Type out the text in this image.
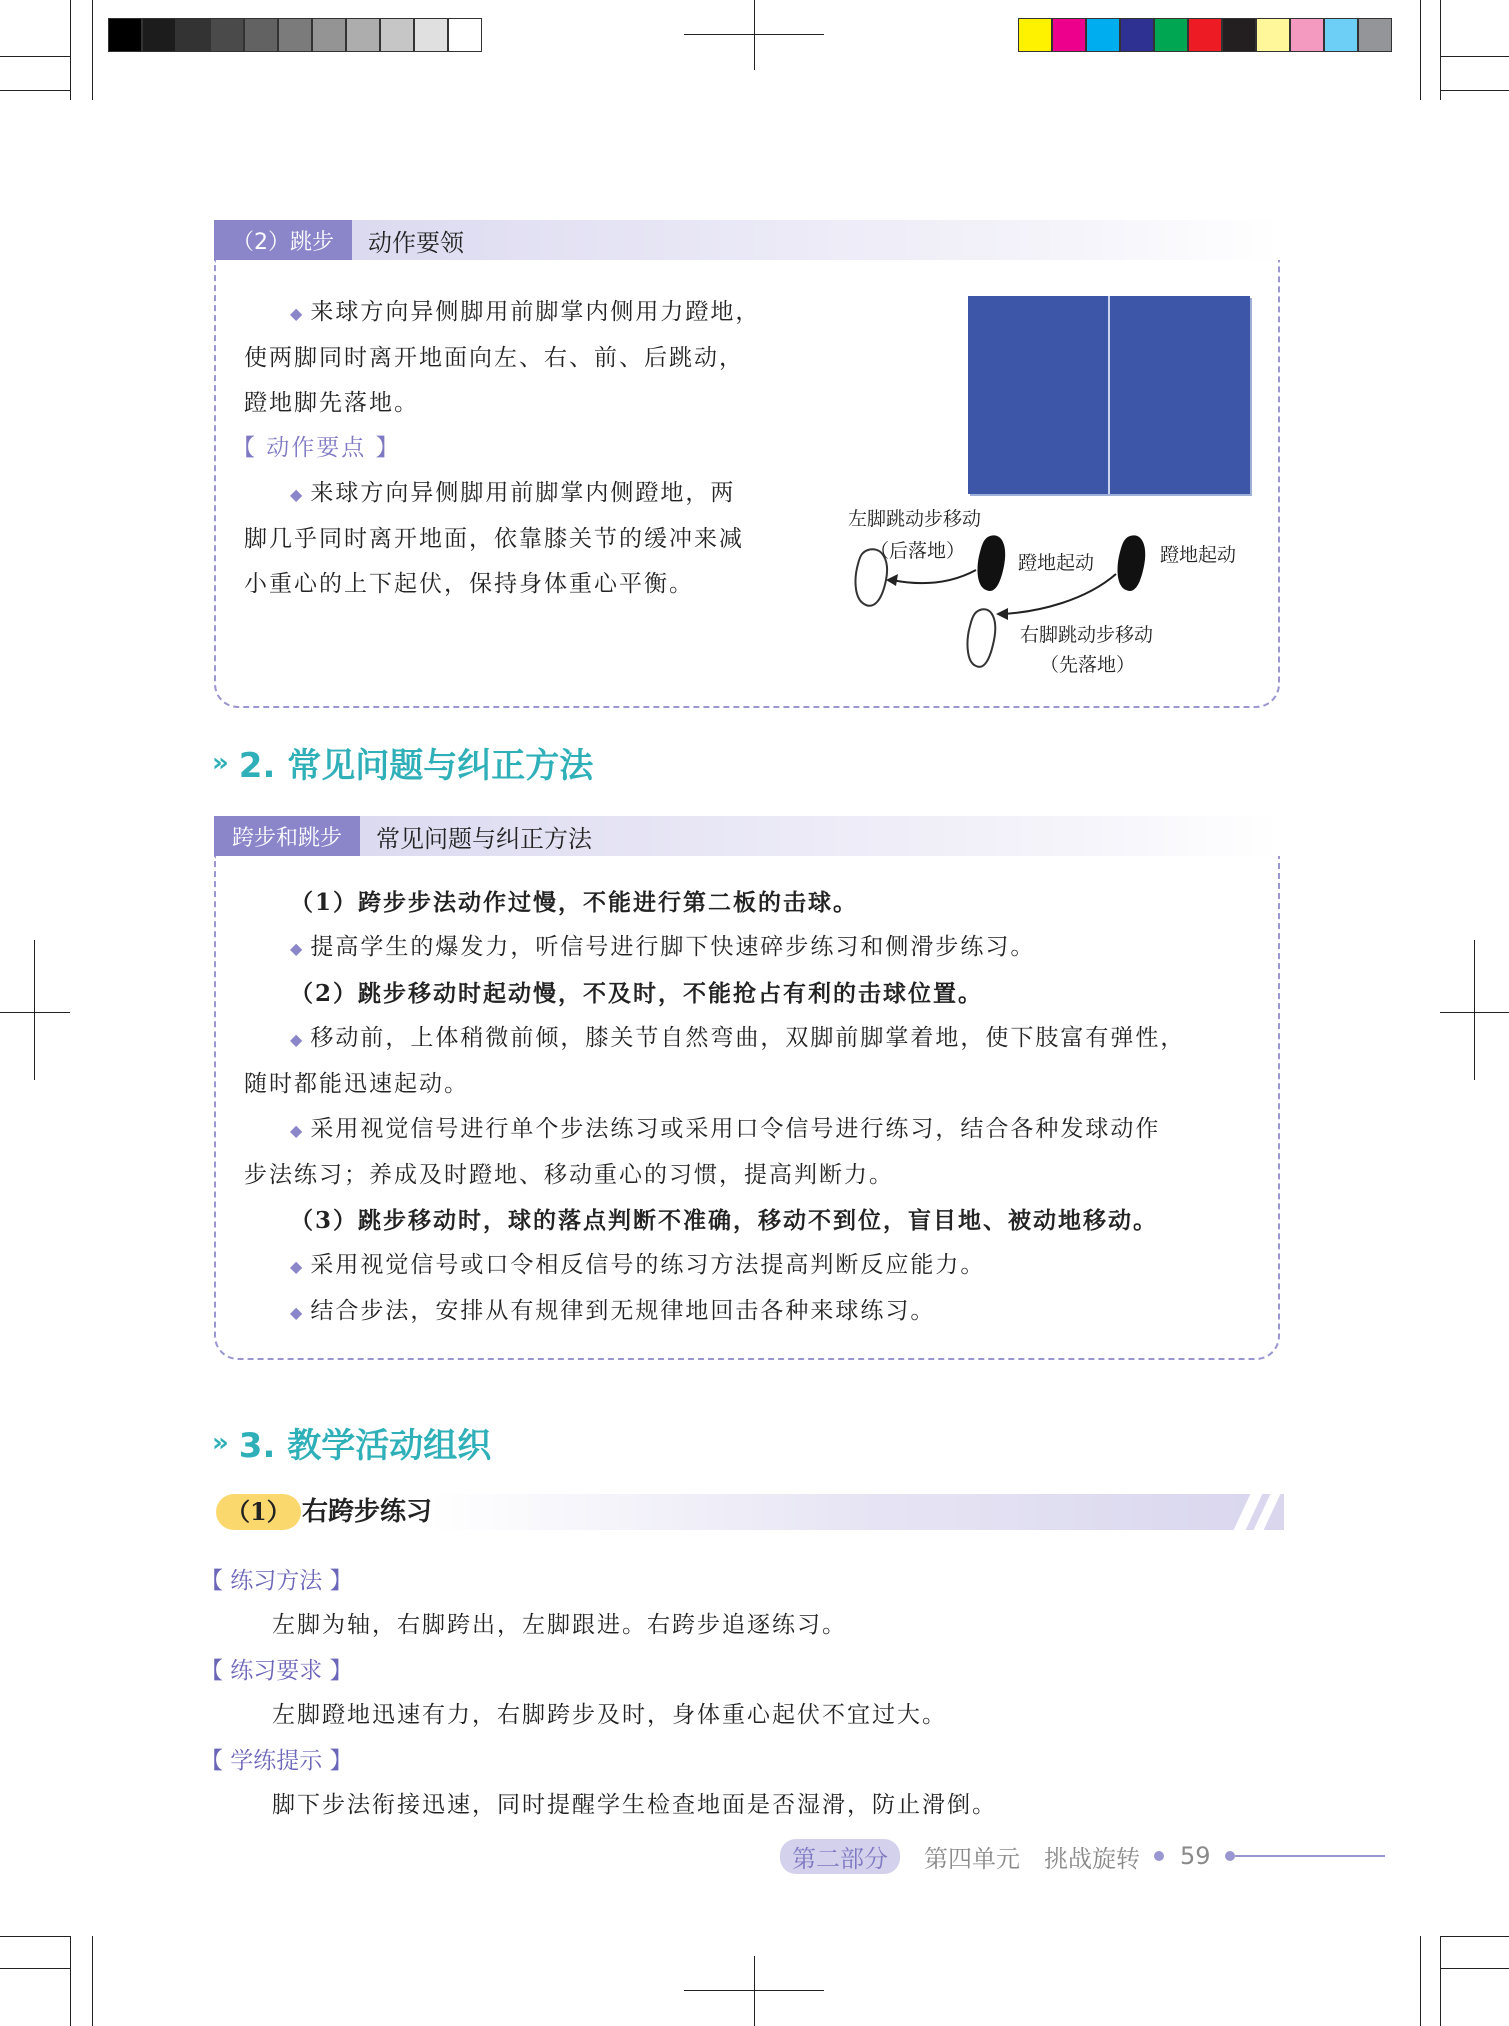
（2）跳步	动作要领

◆ 来球方向异侧脚用前脚掌内侧用力蹬地，

使两脚同时离开地面向左、右、前、后跳动，

蹬地脚先落地。

【 动作要点 】

◆ 来球方向异侧脚用前脚掌内侧蹬地，两

脚几乎同时离开地面，依靠膝关节的缓冲来减

小重心的上下起伏，保持身体重心平衡。

左脚跳动步移动
（后落地）
蹬地起动	蹬地起动
右脚跳动步移动
（先落地）
» 2. 常见问题与纠正方法
跨步和跳步	常见问题与纠正方法

（1）跨步步法动作过慢，不能进行第二板的击球。

◆ 提高学生的爆发力，听信号进行脚下快速碎步练习和侧滑步练习。

（2）跳步移动时起动慢，不及时，不能抢占有利的击球位置。

◆ 移动前，上体稍微前倾，膝关节自然弯曲，双脚前脚掌着地，使下肢富有弹性，

随时都能迅速起动。

◆ 采用视觉信号进行单个步法练习或采用口令信号进行练习，结合各种发球动作

步法练习；养成及时蹬地、移动重心的习惯，提高判断力。

（3）跳步移动时，球的落点判断不准确，移动不到位，盲目地、被动地移动。

◆ 采用视觉信号或口令相反信号的练习方法提高判断反应能力。

◆ 结合步法，安排从有规律到无规律地回击各种来球练习。

» 3. 教学活动组织
（1） 右跨步练习
【 练习方法 】
左脚为轴，右脚跨出，左脚跟进。右跨步追逐练习。
【 练习要求 】
左脚蹬地迅速有力，右脚跨步及时，身体重心起伏不宜过大。
【 学练提示 】
脚下步法衔接迅速，同时提醒学生检查地面是否湿滑，防止滑倒。
第二部分	第四单元 挑战旋转 59
